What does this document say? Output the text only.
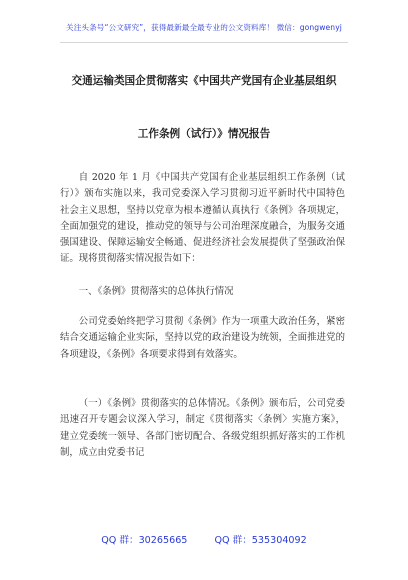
关注头条号“公文研究”，获得最新最全最专业的公文资料库！ 微信：gongwenyj
交通运输类国企贯彻落实《中国共产党国有企业基层组织
工作条例（试行）》情况报告

自 2020 年 1 月《中国共产党国有企业基层组织工作条例（试行）》颁布实施以来，我司党委深入学习贯彻习近平新时代中国特色社会主义思想，坚持以党章为根本遵循认真执行《条例》各项规定，全面加强党的建设，推动党的领导与公司治理深度融合，为服务交通强国建设、保障运输安全畅通、促进经济社会发展提供了坚强政治保证。现将贯彻落实情况报告如下：

一、《条例》贯彻落实的总体执行情况

公司党委始终把学习贯彻《条例》作为一项重大政治任务，紧密结合交通运输企业实际，坚持以党的政治建设为统领，全面推进党的各项建设，《条例》各项要求得到有效落实。

（一）《条例》贯彻落实的总体情况。《条例》颁布后，公司党委迅速召开专题会议深入学习，制定《贯彻落实〈条例〉实施方案》，建立党委统一领导、各部门密切配合、各级党组织抓好落实的工作机制，成立由党委书记

QQ 群：30265665	QQ 群：535304092
